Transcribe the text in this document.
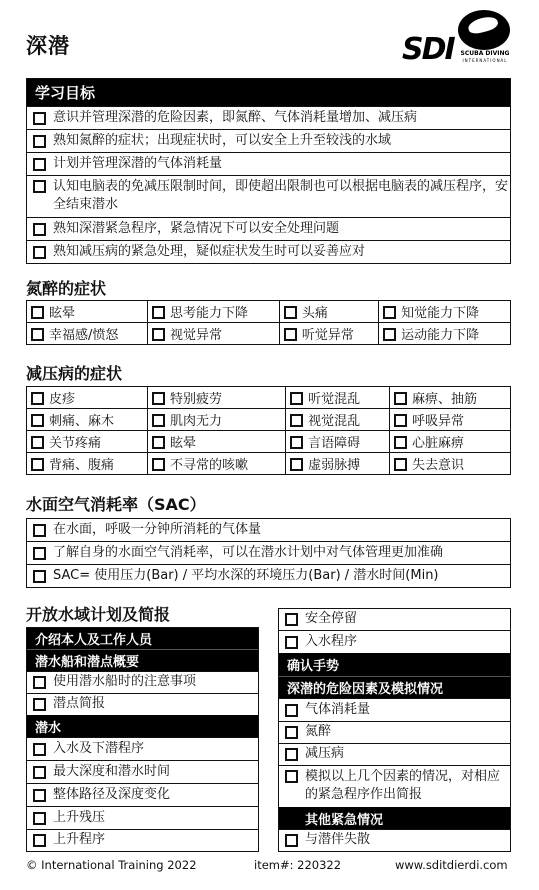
深潜	SDI	SCUBA DIVING
INTERNATIONAL
学习目标
意识并管理深潜的危险因素，即氮醉、气体消耗量增加、减压病
熟知氮醉的症状；出现症状时，可以安全上升至较浅的水域
计划并管理深潜的气体消耗量
认知电脑表的免减压限制时间，即使超出限制也可以根据电脑表的减压程序，安全结束潜水
熟知深潜紧急程序，紧急情况下可以安全处理问题
熟知减压病的紧急处理，疑似症状发生时可以妥善应对
氮醉的症状
眩晕	思考能力下降	头痛	知觉能力下降
幸福感/愤怒	视觉异常	听觉异常	运动能力下降
减压病的症状
皮疹	特别疲劳	听觉混乱	麻痹、抽筋
刺痛、麻木	肌肉无力	视觉混乱	呼吸异常
关节疼痛	眩晕	言语障碍	心脏麻痹
背痛、腹痛	不寻常的咳嗽	虚弱脉搏	失去意识
水面空气消耗率（SAC）
在水面，呼吸一分钟所消耗的气体量
了解自身的水面空气消耗率，可以在潜水计划中对气体管理更加准确
SAC= 使用压力(Bar) / 平均水深的环境压力(Bar) / 潜水时间(Min)
开放水域计划及简报
介绍本人及工作人员
潜水船和潜点概要
使用潜水船时的注意事项
潜点简报
潜水
入水及下潜程序
最大深度和潜水时间
整体路径及深度变化
上升残压
上升程序
安全停留
入水程序
确认手势
深潜的危险因素及模拟情况
气体消耗量
氮醉
减压病
模拟以上几个因素的情况，对相应的紧急程序作出简报
其他紧急情况
与潜伴失散
© International Training 2022	item#: 220322	www.sditdierdi.com
